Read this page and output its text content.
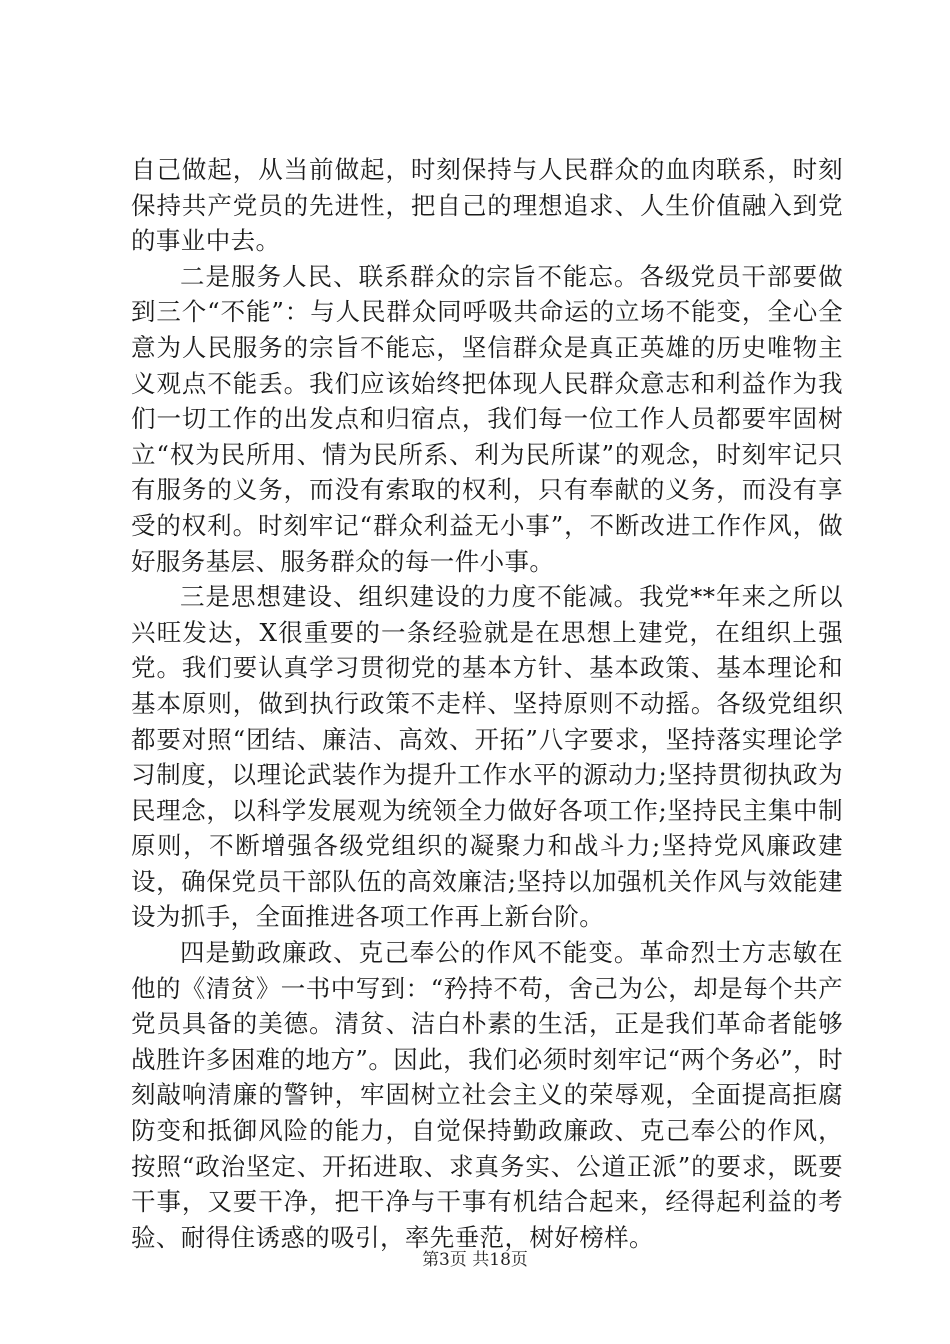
自己做起，从当前做起，时刻保持与人民群众的血肉联系，时刻保持共产党员的先进性，把自己的理想追求、人生价值融入到党的事业中去。

二是服务人民、联系群众的宗旨不能忘。各级党员干部要做到三个“不能”：与人民群众同呼吸共命运的立场不能变，全心全意为人民服务的宗旨不能忘，坚信群众是真正英雄的历史唯物主义观点不能丢。我们应该始终把体现人民群众意志和利益作为我们一切工作的出发点和归宿点，我们每一位工作人员都要牢固树立“权为民所用、情为民所系、利为民所谋”的观念，时刻牢记只有服务的义务，而没有索取的权利，只有奉献的义务，而没有享受的权利。时刻牢记“群众利益无小事”，不断改进工作作风，做好服务基层、服务群众的每一件小事。

三是思想建设、组织建设的力度不能减。我党**年来之所以兴旺发达，X很重要的一条经验就是在思想上建党，在组织上强党。我们要认真学习贯彻党的基本方针、基本政策、基本理论和基本原则，做到执行政策不走样、坚持原则不动摇。各级党组织都要对照“团结、廉洁、高效、开拓”八字要求，坚持落实理论学习制度，以理论武装作为提升工作水平的源动力;坚持贯彻执政为民理念，以科学发展观为统领全力做好各项工作;坚持民主集中制原则，不断增强各级党组织的凝聚力和战斗力;坚持党风廉政建设，确保党员干部队伍的高效廉洁;坚持以加强机关作风与效能建设为抓手，全面推进各项工作再上新台阶。

四是勤政廉政、克己奉公的作风不能变。革命烈士方志敏在他的《清贫》一书中写到：“矜持不苟，舍己为公，却是每个共产党员具备的美德。清贫、洁白朴素的生活，正是我们革命者能够战胜许多困难的地方”。因此，我们必须时刻牢记“两个务必”，时刻敲响清廉的警钟，牢固树立社会主义的荣辱观，全面提高拒腐防变和抵御风险的能力，自觉保持勤政廉政、克己奉公的作风，按照“政治坚定、开拓进取、求真务实、公道正派”的要求，既要干事，又要干净，把干净与干事有机结合起来，经得起利益的考验、耐得住诱惑的吸引，率先垂范，树好榜样。

第3页 共18页
